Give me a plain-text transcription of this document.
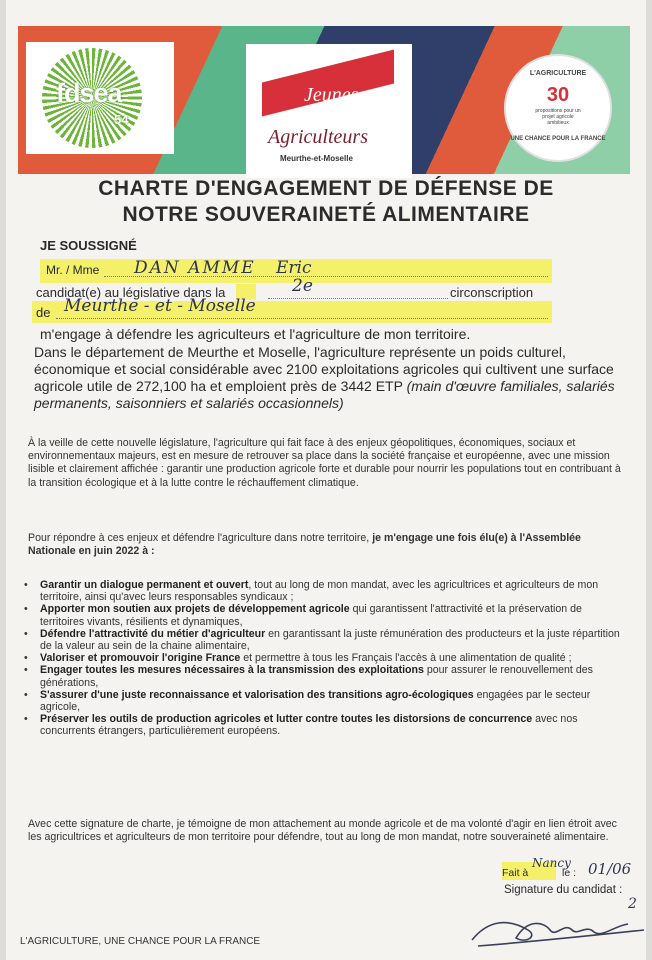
fdsea
54
Jeunes
Agriculteurs
Meurthe-et-Moselle
L'AGRICULTURE
30
propositions pour un projet agricole ambitieux
UNE CHANCE POUR LA FRANCE
CHARTE D'ENGAGEMENT DE DÉFENSE DE
NOTRE SOUVERAINETÉ ALIMENTAIRE
JE SOUSSIGNÉ
Mr. / Mme DAN AMME Eric
candidat(e) au législative dans la	2e	circonscription
de Meurthe - et - Moselle
m'engage à défendre les agriculteurs et l'agriculture de mon territoire.
Dans le département de Meurthe et Moselle, l'agriculture représente un poids culturel, économique et social considérable avec 2100 exploitations agricoles qui cultivent une surface agricole utile de 272,100 ha et emploient près de 3442 ETP (main d'œuvre familiales, salariés permanents, saisonniers et salariés occasionnels)
À la veille de cette nouvelle législature, l'agriculture qui fait face à des enjeux géopolitiques, économiques, sociaux et environnementaux majeurs, est en mesure de retrouver sa place dans la société française et européenne, avec une mission lisible et clairement affichée : garantir une production agricole forte et durable pour nourrir les populations tout en contribuant à la transition écologique et à la lutte contre le réchauffement climatique.
Pour répondre à ces enjeux et défendre l'agriculture dans notre territoire, je m'engage une fois élu(e) à l'Assemblée Nationale en juin 2022 à :
• Garantir un dialogue permanent et ouvert, tout au long de mon mandat, avec les agricultrices et agriculteurs de mon territoire, ainsi qu'avec leurs responsables syndicaux ;
• Apporter mon soutien aux projets de développement agricole qui garantissent l'attractivité et la préservation de territoires vivants, résilients et dynamiques,
• Défendre l'attractivité du métier d'agriculteur en garantissant la juste rémunération des producteurs et la juste répartition de la valeur au sein de la chaine alimentaire,
• Valoriser et promouvoir l'origine France et permettre à tous les Français l'accès à une alimentation de qualité ;
• Engager toutes les mesures nécessaires à la transmission des exploitations pour assurer le renouvellement des générations,
• S'assurer d'une juste reconnaissance et valorisation des transitions agro-écologiques engagées par le secteur agricole,
• Préserver les outils de production agricoles et lutter contre toutes les distorsions de concurrence avec nos concurrents étrangers, particulièrement européens.
Avec cette signature de charte, je témoigne de mon attachement au monde agricole et de ma volonté d'agir en lien étroit avec les agricultrices et agriculteurs de mon territoire pour défendre, tout au long de mon mandat, notre souveraineté alimentaire.
Fait à
Nancy
le : 01/06
Signature du candidat :
2
L'AGRICULTURE, UNE CHANCE POUR LA FRANCE
